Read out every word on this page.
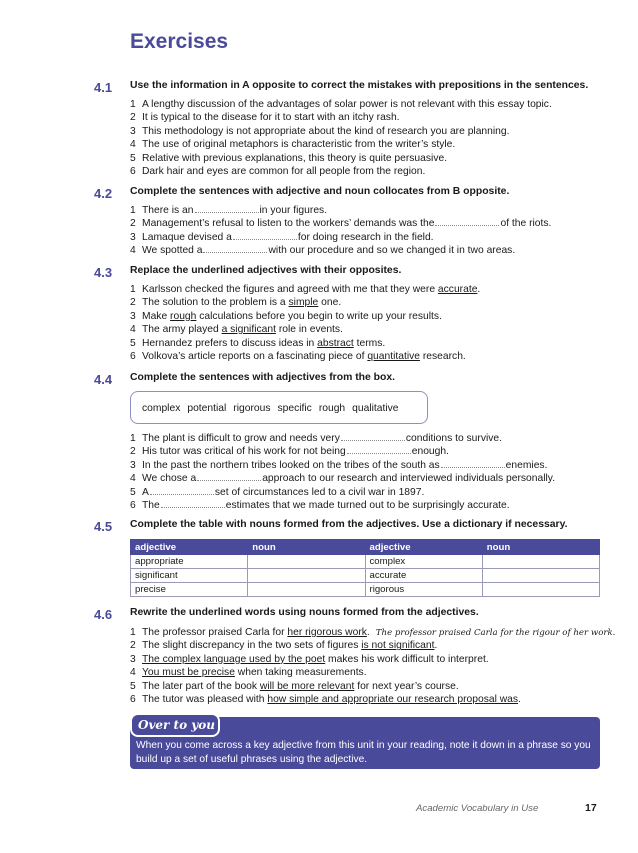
Exercises
4.1 Use the information in A opposite to correct the mistakes with prepositions in the sentences.
1 A lengthy discussion of the advantages of solar power is not relevant with this essay topic.
2 It is typical to the disease for it to start with an itchy rash.
3 This methodology is not appropriate about the kind of research you are planning.
4 The use of original metaphors is characteristic from the writer’s style.
5 Relative with previous explanations, this theory is quite persuasive.
6 Dark hair and eyes are common for all people from the region.
4.2 Complete the sentences with adjective and noun collocates from B opposite.
1 There is an	in your figures.
2 Management’s refusal to listen to the workers’ demands was the	of the riots.
3 Lamaque devised a	for doing research in the field.
4 We spotted a	with our procedure and so we changed it in two areas.
4.3 Replace the underlined adjectives with their opposites.
1 Karlsson checked the figures and agreed with me that they were accurate.
2 The solution to the problem is a simple one.
3 Make rough calculations before you begin to write up your results.
4 The army played a significant role in events.
5 Hernandez prefers to discuss ideas in abstract terms.
6 Volkova’s article reports on a fascinating piece of quantitative research.
4.4 Complete the sentences with adjectives from the box.
complex potential rigorous specific rough qualitative
1 The plant is difficult to grow and needs very	conditions to survive.
2 His tutor was critical of his work for not being	enough.
3 In the past the northern tribes looked on the tribes of the south as	enemies.
4 We chose a	approach to our research and interviewed individuals personally.
5 A	set of circumstances led to a civil war in 1897.
6 The	estimates that we made turned out to be surprisingly accurate.
4.5 Complete the table with nouns formed from the adjectives. Use a dictionary if necessary.
adjective	noun	adjective	noun
appropriate		complex	
significant		accurate	
precise		rigorous	
4.6 Rewrite the underlined words using nouns formed from the adjectives.
1 The professor praised Carla for her rigorous work. The professor praised Carla for the rigour of her work.
2 The slight discrepancy in the two sets of figures is not significant.
3 The complex language used by the poet makes his work difficult to interpret.
4 You must be precise when taking measurements.
5 The later part of the book will be more relevant for next year’s course.
6 The tutor was pleased with how simple and appropriate our research proposal was.
Over to you

When you come across a key adjective from this unit in your reading, note it down in a phrase so you build up a set of useful phrases using the adjective.

Academic Vocabulary in Use	17
